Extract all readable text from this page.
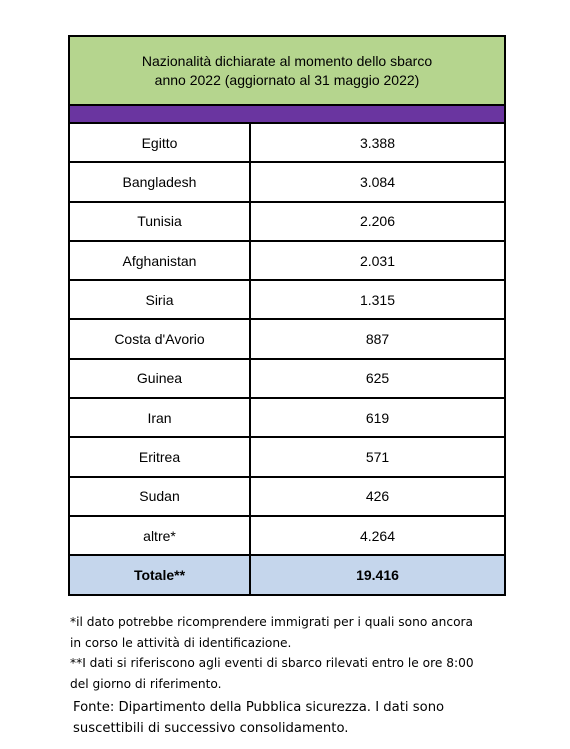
Nazionalità dichiarate al momento dello sbarco
anno 2022 (aggiornato al 31 maggio 2022)
Egitto	3.388
Bangladesh	3.084
Tunisia	2.206
Afghanistan	2.031
Siria	1.315
Costa d'Avorio	887
Guinea	625
Iran	619
Eritrea	571
Sudan	426
altre*	4.264
Totale**	19.416

*il dato potrebbe ricomprendere immigrati per i quali sono ancora

in corso le attività di identificazione.

**I dati si riferiscono agli eventi di sbarco rilevati entro le ore 8:00

del giorno di riferimento.

Fonte: Dipartimento della Pubblica sicurezza. I dati sono

suscettibili di successivo consolidamento.
